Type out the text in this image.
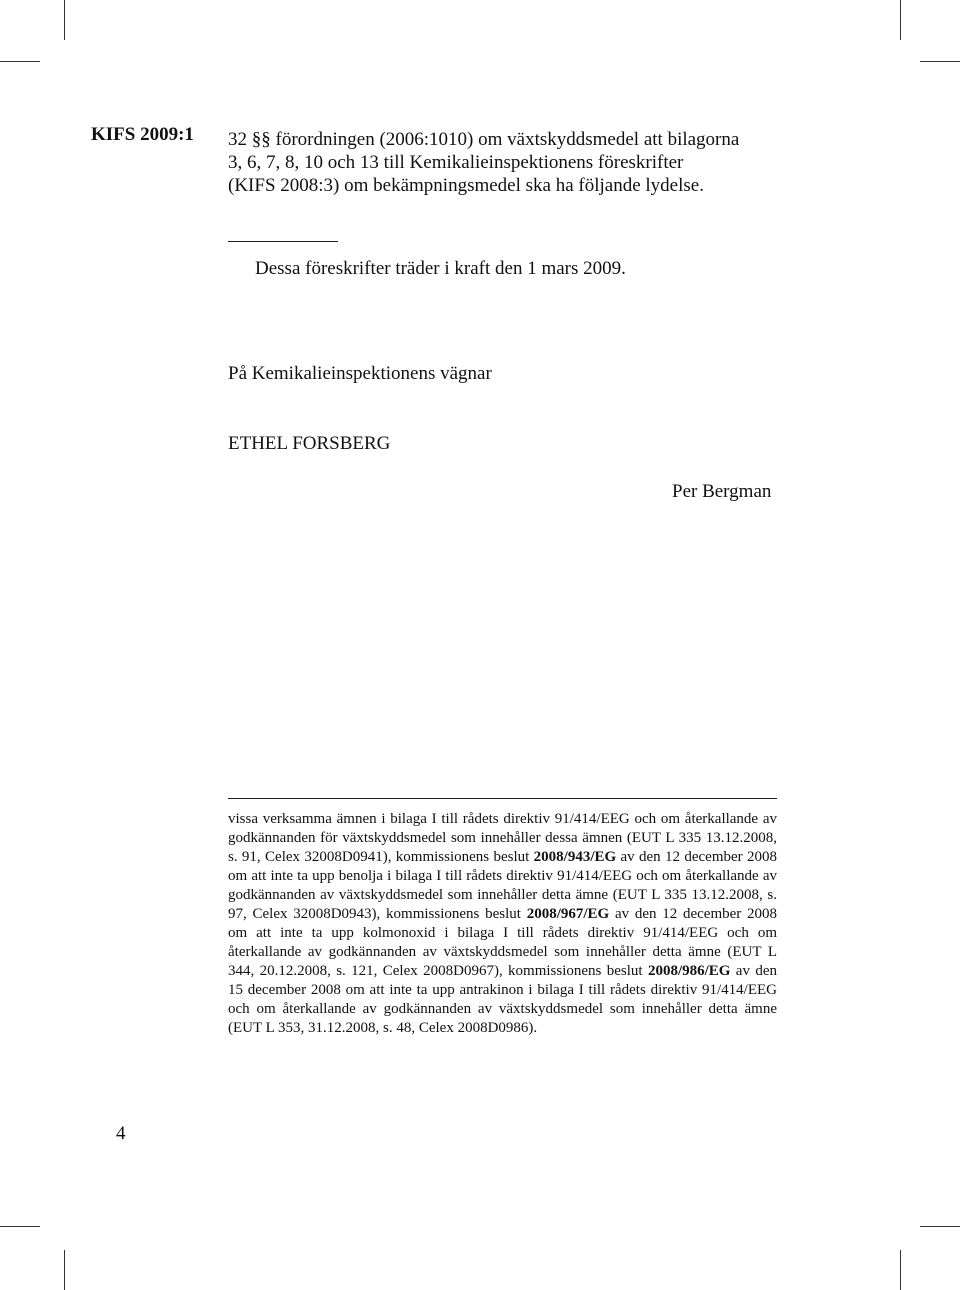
KIFS 2009:1 32 §§ förordningen (2006:1010) om växtskyddsmedel att bilagorna
3, 6, 7, 8, 10 och 13 till Kemikalieinspektionens föreskrifter
(KIFS 2008:3) om bekämpningsmedel ska ha följande lydelse.
Dessa föreskrifter träder i kraft den 1 mars 2009.
På Kemikalieinspektionens vägnar
ETHEL FORSBERG
Per Bergman
vissa verksamma ämnen i bilaga I till rådets direktiv 91/414/EEG och om återkallande av godkännanden för växtskyddsmedel som innehåller dessa ämnen (EUT L 335 13.12.2008, s. 91, Celex 32008D0941), kommissionens beslut 2008/943/EG av den 12 december 2008 om att inte ta upp benolja i bilaga I till rådets direktiv 91/414/EEG och om återkallande av godkännanden av växtskyddsmedel som innehåller detta ämne (EUT L 335 13.12.2008, s. 97, Celex 32008D0943), kommissionens beslut 2008/967/EG av den 12 december 2008 om att inte ta upp kolmonoxid i bilaga I till rådets direktiv 91/414/EEG och om återkallande av godkännanden av växtskyddsmedel som innehåller detta ämne (EUT L 344, 20.12.2008, s. 121, Celex 2008D0967), kommissionens beslut 2008/986/EG av den 15 december 2008 om att inte ta upp antrakinon i bilaga I till rådets direktiv 91/414/EEG och om återkallande av godkännanden av växtskyddsmedel som innehåller detta ämne (EUT L 353, 31.12.2008, s. 48, Celex 2008D0986).
4
